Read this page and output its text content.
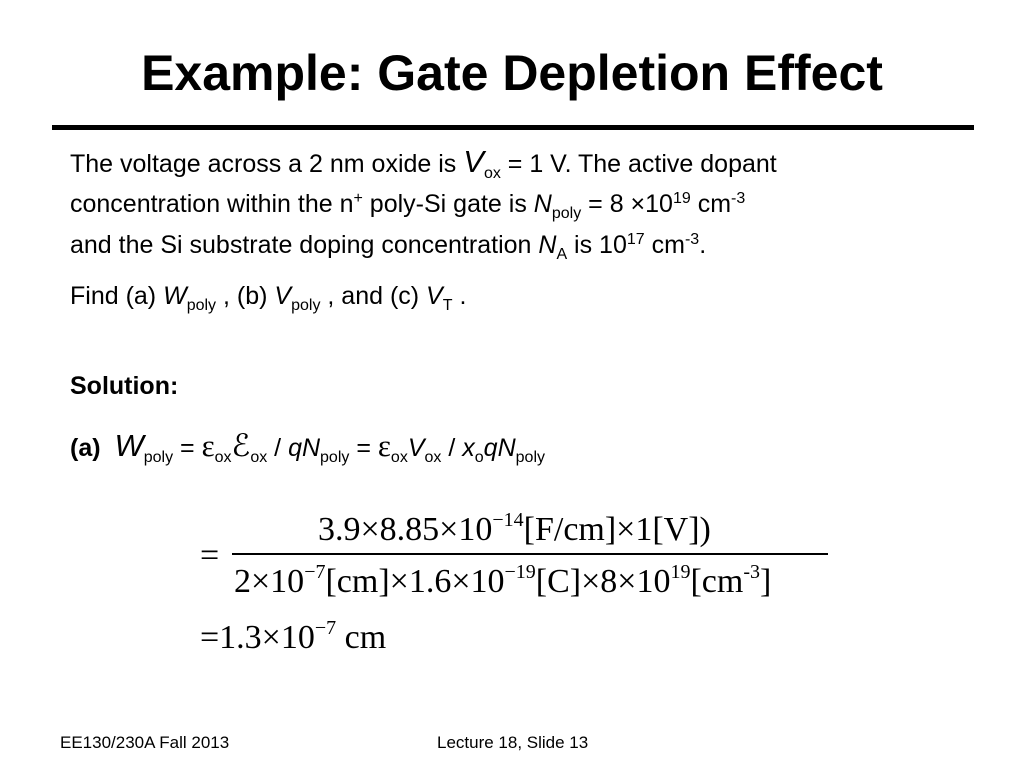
Example: Gate Depletion Effect
The voltage across a 2 nm oxide is $V_{ox} = 1$ V. The active dopant
concentration within the n+ poly-Si gate is $N_{poly} = 8 \times 10^{19}$ $cm^{-3}$
and the Si substrate doping concentration $N_A$ is $10^{17}$ $cm^{-3}$.
Find (a) $W_{poly}$ , (b) $V_{poly}$ , and (c) $V_T$ .
Solution:
(a) $W_{poly}$ = $\varepsilon_{ox}ℰ_{ox} / qN_{poly} = \varepsilon_{ox}V_{ox} / x_oqN_{poly}$
=
$3.9\times 8.85\times 10^{-14}[F/cm]\times 1[V]$)
$2\times 10^{-7}[cm]\times 1.6\times 10^{-19}[C]\times 8\times 10^{19}[cm^{-3}]$
$=1.3\times 10^{-7}$ cm
EE130/230A Fall 2013	Lecture 18, Slide 13
